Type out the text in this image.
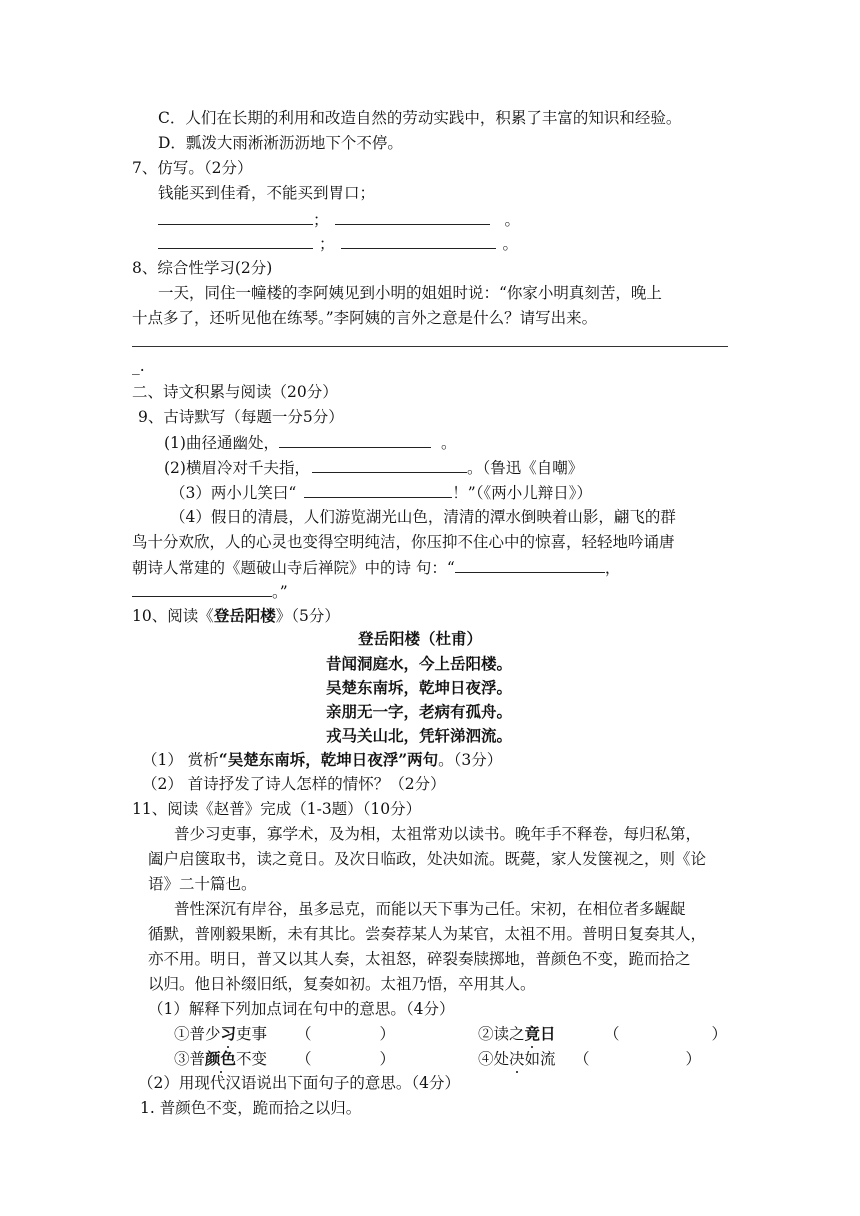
C．人们在长期的利用和改造自然的劳动实践中，积累了丰富的知识和经验。
D．瓢泼大雨淅淅沥沥地下个不停。
7、仿写。（2分）
钱能买到佳肴，不能买到胃口；
；	。
；	。
8、综合性学习(2分)
一天，同住一幢楼的李阿姨见到小明的姐姐时说：“你家小明真刻苦，晚上
十点多了，还听见他在练琴。”李阿姨的言外之意是什么？请写出来。
_.
二、诗文积累与阅读（20分）
9、古诗默写（每题一分5分）
(1)曲径通幽处，	。
(2)横眉冷对千夫指，	。（鲁迅《自嘲》
（3）两小儿笑曰“	！”（《两小儿辩日》）
（4）假日的清晨，人们游览湖光山色，清清的潭水倒映着山影，翩飞的群
鸟十分欢欣，人的心灵也变得空明纯洁，你压抑不住心中的惊喜，轻轻地吟诵唐
朝诗人常建的《题破山寺后禅院》中的诗 句：“	，
。”
10、阅读《登岳阳楼》（5分）
登岳阳楼（杜甫）
昔闻洞庭水，今上岳阳楼。
吴楚东南坼，乾坤日夜浮。
亲朋无一字，老病有孤舟。
戎马关山北，凭轩涕泗流。
（1） 赏析“吴楚东南坼，乾坤日夜浮”两句。（3分）
（2） 首诗抒发了诗人怎样的情怀？（2分）
11、阅读《赵普》完成（1-3题）（10分）
普少习吏事，寡学术，及为相，太祖常劝以读书。晚年手不释卷，每归私第，
阖户启箧取书，读之竟日。及次日临政，处决如流。既薨，家人发箧视之，则《论
语》二十篇也。
普性深沉有岸谷，虽多忌克，而能以天下事为己任。宋初，在相位者多龌龊
循默，普刚毅果断，未有其比。尝奏荐某人为某官，太祖不用。普明日复奏其人，
亦不用。明日，普又以其人奏，太祖怒，碎裂奏牍掷地，普颜色不变，跪而拾之
以归。他日补缀旧纸，复奏如初。太祖乃悟，卒用其人。
（1）解释下列加点词在句中的意思。（4分）
①普少习吏事 （	）	②读之竟日	（	）
③普颜色不变 （	）	④处决如流 （	）
（2）用现代汉语说出下面句子的意思。（4分）
1. 普颜色不变，跪而拾之以归。
